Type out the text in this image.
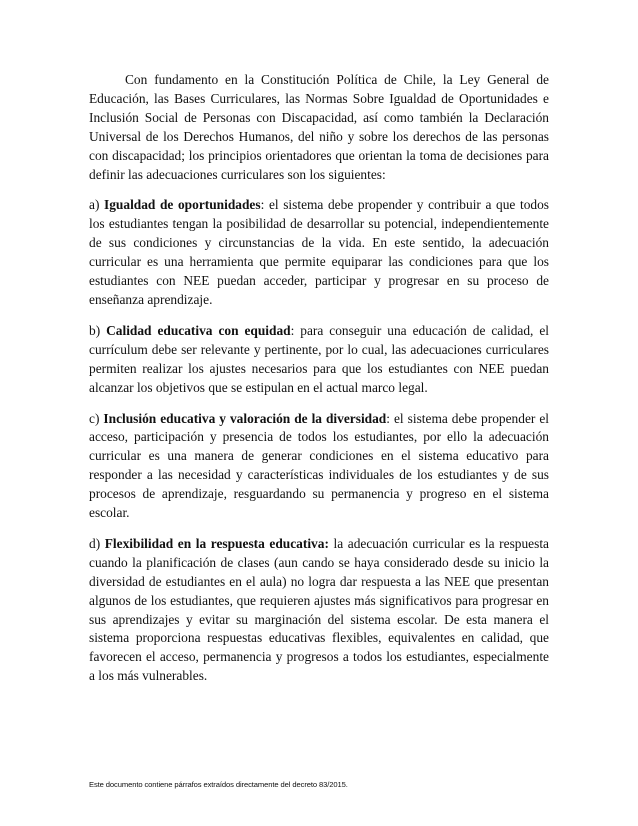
Con fundamento en la Constitución Política de Chile, la Ley General de Educación, las Bases Curriculares, las Normas Sobre Igualdad de Oportunidades e Inclusión Social de Personas con Discapacidad, así como también la Declaración Universal de los Derechos Humanos, del niño y sobre los derechos de las personas con discapacidad; los principios orientadores que orientan la toma de decisiones para definir las adecuaciones curriculares son los siguientes:

a) Igualdad de oportunidades: el sistema debe propender y contribuir a que todos los estudiantes tengan la posibilidad de desarrollar su potencial, independientemente de sus condiciones y circunstancias de la vida. En este sentido, la adecuación curricular es una herramienta que permite equiparar las condiciones para que los estudiantes con NEE puedan acceder, participar y progresar en su proceso de enseñanza aprendizaje.

b) Calidad educativa con equidad: para conseguir una educación de calidad, el currículum debe ser relevante y pertinente, por lo cual, las adecuaciones curriculares permiten realizar los ajustes necesarios para que los estudiantes con NEE puedan alcanzar los objetivos que se estipulan en el actual marco legal.

c) Inclusión educativa y valoración de la diversidad: el sistema debe propender el acceso, participación y presencia de todos los estudiantes, por ello la adecuación curricular es una manera de generar condiciones en el sistema educativo para responder a las necesidad y características individuales de los estudiantes y de sus procesos de aprendizaje, resguardando su permanencia y progreso en el sistema escolar.

d) Flexibilidad en la respuesta educativa: la adecuación curricular es la respuesta cuando la planificación de clases (aun cando se haya considerado desde su inicio la diversidad de estudiantes en el aula) no logra dar respuesta a las NEE que presentan algunos de los estudiantes, que requieren ajustes más significativos para progresar en sus aprendizajes y evitar su marginación del sistema escolar. De esta manera el sistema proporciona respuestas educativas flexibles, equivalentes en calidad, que favorecen el acceso, permanencia y progresos a todos los estudiantes, especialmente a los más vulnerables.

Este documento contiene párrafos extraídos directamente del decreto 83/2015.
